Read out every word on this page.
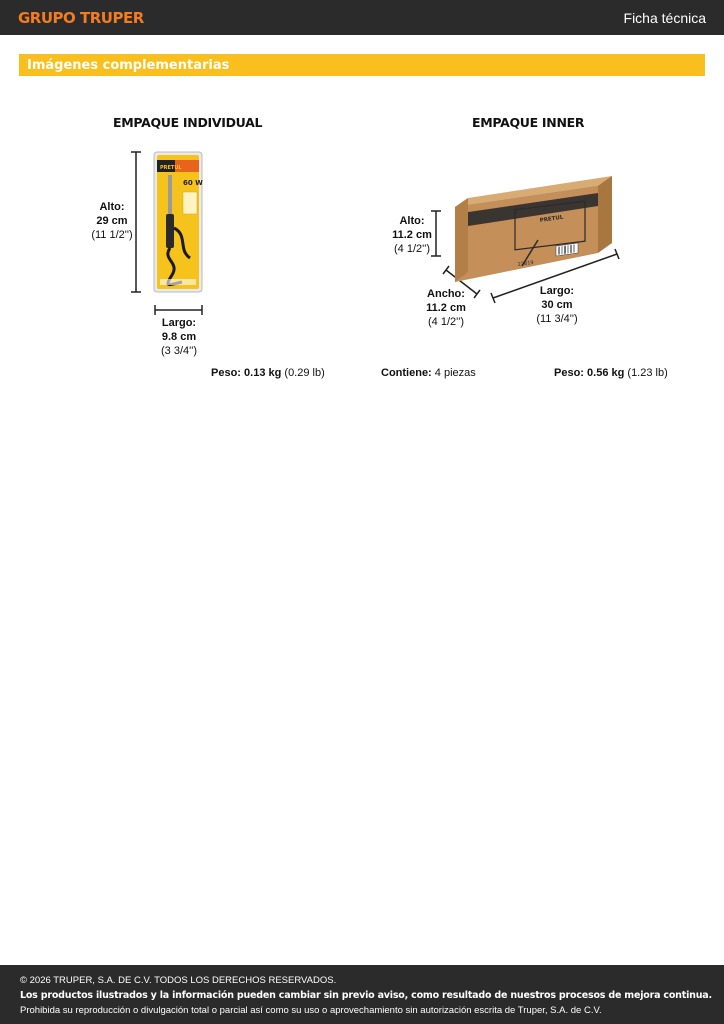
GRUPO TRUPER	Ficha técnica
Imágenes complementarias
EMPAQUE INDIVIDUAL	EMPAQUE INNER
PRETUL
60 W
PRETUL
22819
Alto:
29 cm
(11 1/2'')
Largo:
9.8 cm
(3 3/4'')
Alto:
11.2 cm
(4 1/2'')
Ancho:
11.2 cm
(4 1/2'')
Largo:
30 cm
(11 3/4'')
Peso: 0.13 kg (0.29 lb)	Contiene: 4 piezas	Peso: 0.56 kg (1.23 lb)
© 2026 TRUPER, S.A. DE C.V. TODOS LOS DERECHOS RESERVADOS.
Los productos ilustrados y la información pueden cambiar sin previo aviso, como resultado de nuestros procesos de mejora continua.
Prohibida su reproducción o divulgación total o parcial así como su uso o aprovechamiento sin autorización escrita de Truper, S.A. de C.V.
